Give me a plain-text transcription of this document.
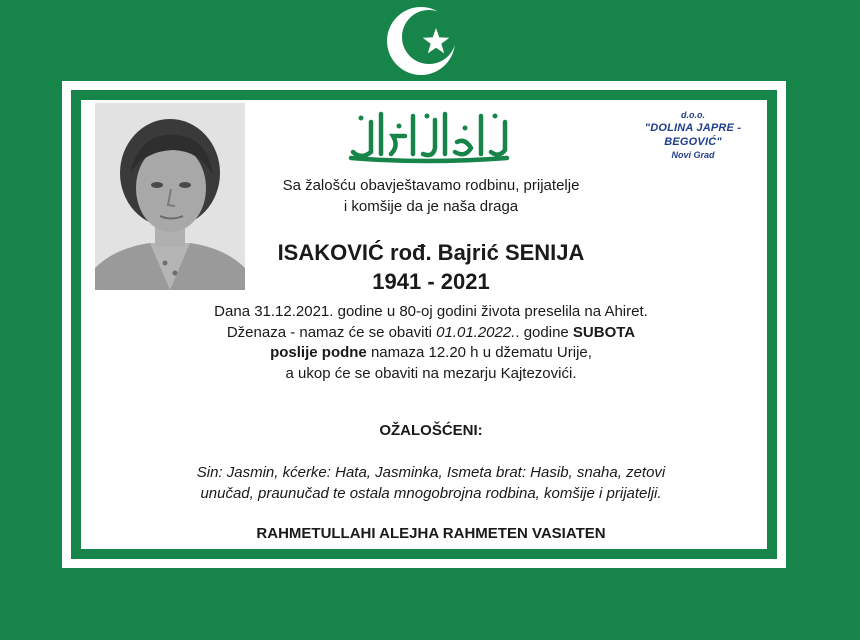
d.o.o.
"DOLINA JAPRE - BEGOVIĆ"
Novi Grad
Sa žalošću obavještavamo rodbinu, prijatelje
i komšije da je naša draga
ISAKOVIĆ rođ. Bajrić SENIJA
1941 - 2021
Dana 31.12.2021. godine u 80-oj godini života preselila na Ahiret.
Dženaza - namaz će se obaviti 01.01.2022.. godine SUBOTA
poslije podne namaza 12.20 h u džematu Urije,
a ukop će se obaviti na mezarju Kajtezovići.
OŽALOŠĆENI:
Sin: Jasmin, kćerke: Hata, Jasminka, Ismeta brat: Hasib, snaha, zetovi
unučad, praunučad te ostala mnogobrojna rodbina, komšije i prijatelji.
RAHMETULLAHI ALEJHA RAHMETEN VASIATEN
